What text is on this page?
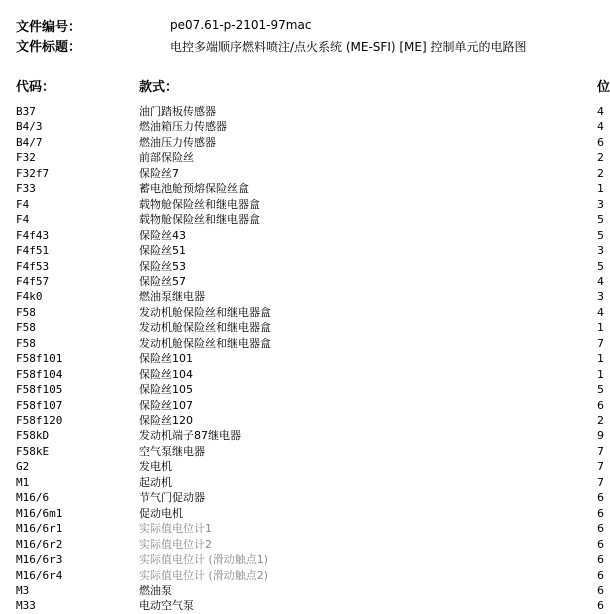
文件编号：	pe07.61-p-2101-97mac
文件标题：	电控多端顺序燃料喷注/点火系统 (ME-SFI) [ME] 控制单元的电路图
代码：	款式：	位
B37	油门踏板传感器	4
B4/3	燃油箱压力传感器	4
B4/7	燃油压力传感器	6
F32	前部保险丝	2
F32f7	保险丝7	2
F33	蓄电池舱预熔保险丝盒	1
F4	载物舱保险丝和继电器盒	3
F4	载物舱保险丝和继电器盒	5
F4f43	保险丝43	5
F4f51	保险丝51	3
F4f53	保险丝53	5
F4f57	保险丝57	4
F4k0	燃油泵继电器	3
F58	发动机舱保险丝和继电器盒	4
F58	发动机舱保险丝和继电器盒	1
F58	发动机舱保险丝和继电器盒	7
F58f101	保险丝101	1
F58f104	保险丝104	1
F58f105	保险丝105	5
F58f107	保险丝107	6
F58f120	保险丝120	2
F58kD	发动机端子87继电器	9
F58kE	空气泵继电器	7
G2	发电机	7
M1	起动机	7
M16/6	节气门促动器	6
M16/6m1	促动电机	6
M16/6r1	实际值电位计1	6
M16/6r2	实际值电位计2	6
M16/6r3	实际值电位计 (滑动触点1)	6
M16/6r4	实际值电位计 (滑动触点2)	6
M3	燃油泵	6
M33	电动空气泵	6
